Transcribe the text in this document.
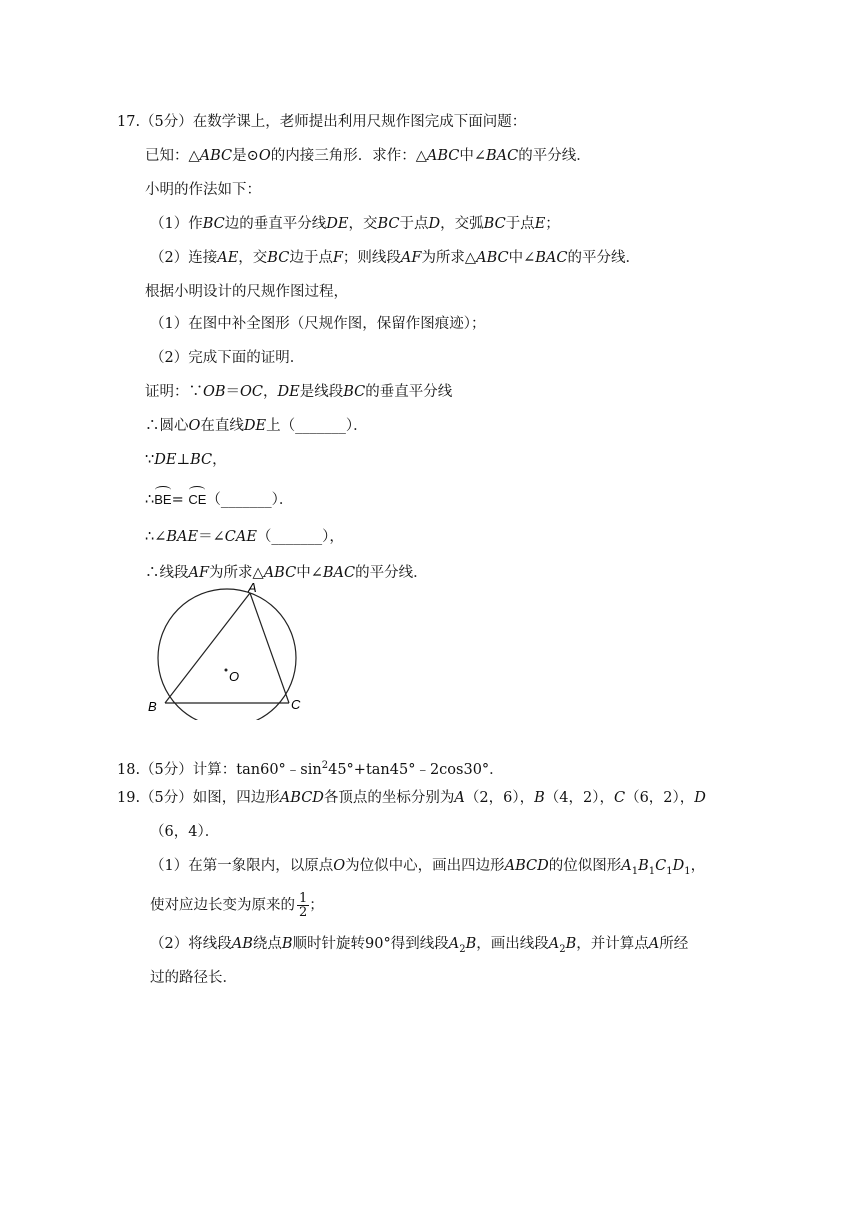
17.（5分）在数学课上，老师提出利用尺规作图完成下面问题：
已知：△ABC是⊙O的内接三角形．求作：△ABC中∠BAC的平分线．
小明的作法如下：
（1）作BC边的垂直平分线DE，交BC于点D，交弧BC于点E；
（2）连接AE，交BC边于点F；则线段AF为所求△ABC中∠BAC的平分线．
根据小明设计的尺规作图过程，
（1）在图中补全图形（尺规作图，保留作图痕迹）；
（2）完成下面的证明．
证明：∵OB＝OC，DE是线段BC的垂直平分线
∴圆心O在直线DE上（_______）．
∵DE⊥BC，
∴BE= CE（_______）．
∴∠BAE＝∠CAE（_______），
∴线段AF为所求△ABC中∠BAC的平分线．
A
B	C
O
18.（5分）计算：$\tan 60^\circ﹣\sin^245^\circ+\tan 45^\circ﹣2\cos 30^\circ$．
19.（5分）如图，四边形ABCD各顶点的坐标分别为A（2，6），B（4，2），C（6，2），D
（6，4）．
（1）在第一象限内，以原点O为位似中心，画出四边形ABCD的位似图形$A_1B_1C_1D_1$，
使对应边长变为原来的 $\frac{1}{2}$ ；
（2）将线段AB绕点B顺时针旋转90°得到线段$A_2B$，画出线段$A_2B$，并计算点A所经
过的路径长．
